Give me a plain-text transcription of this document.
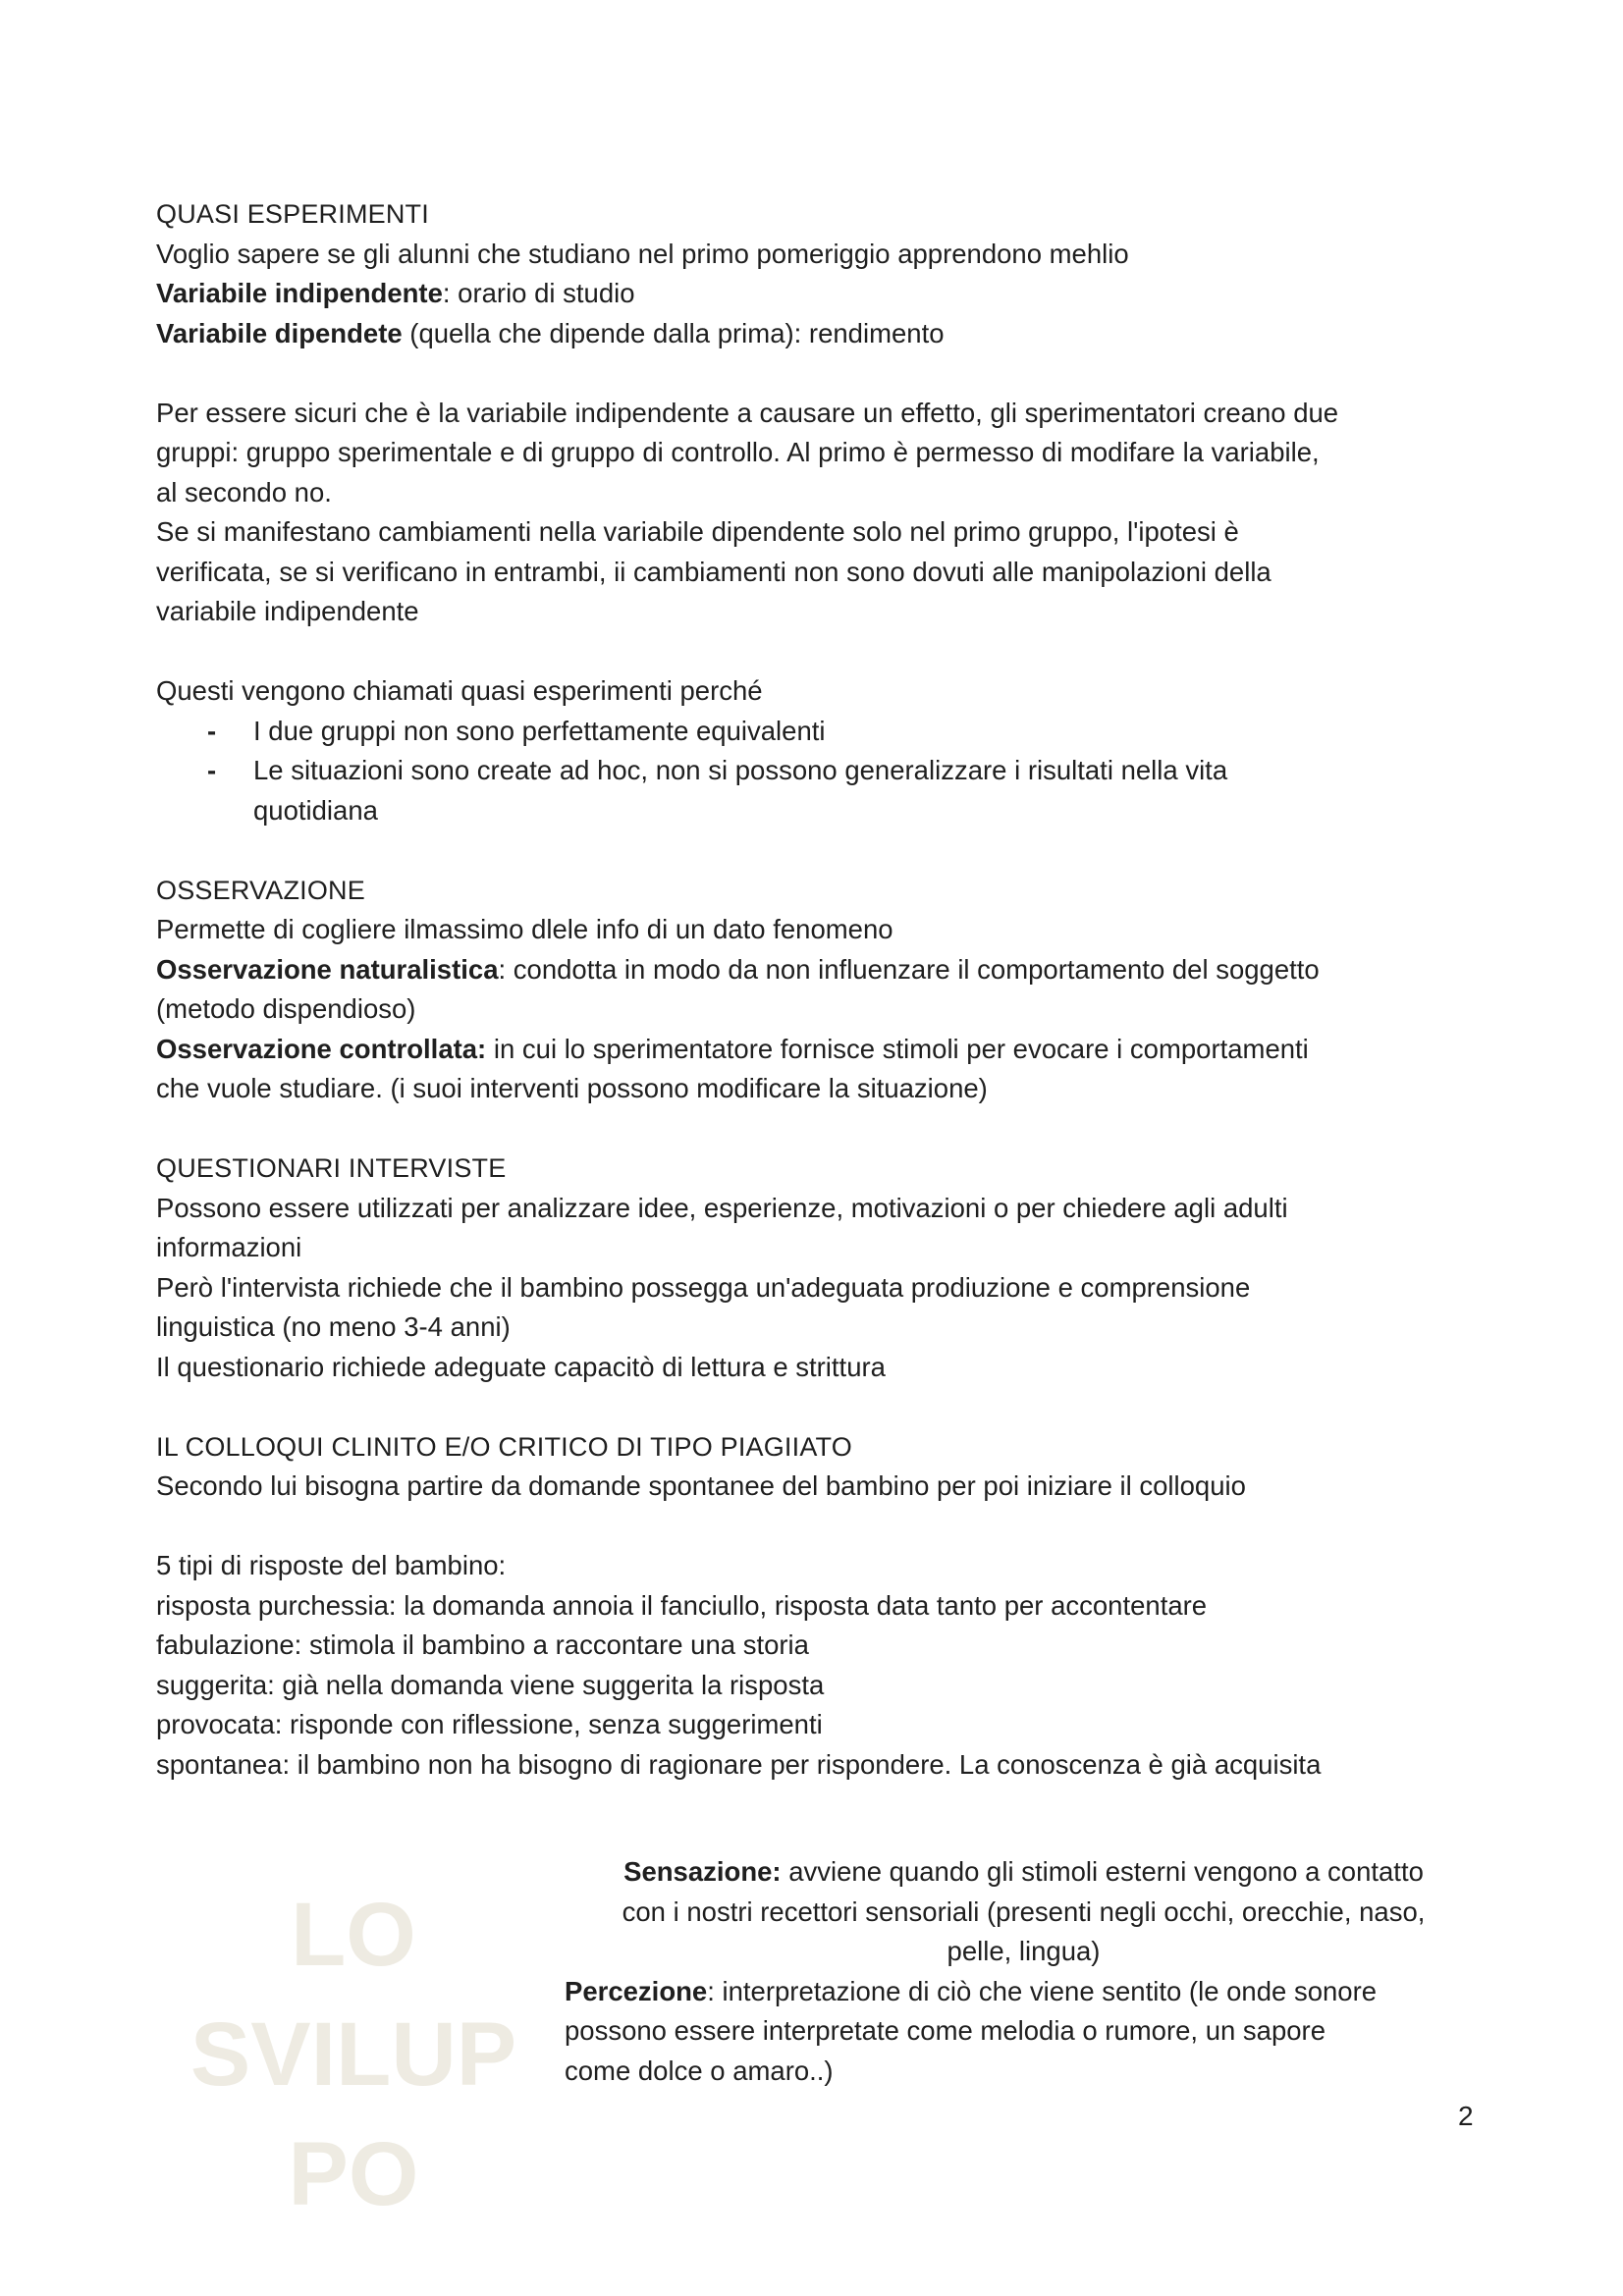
QUASI ESPERIMENTI
Voglio sapere se gli alunni che studiano nel primo pomeriggio apprendono mehlio
Variabile indipendente: orario di studio
Variabile dipendete (quella che dipende dalla prima): rendimento
Per essere sicuri che è la variabile indipendente a causare un effetto, gli sperimentatori creano due
gruppi: gruppo sperimentale e di gruppo di controllo. Al primo è permesso di modifare la variabile,
al secondo no.
Se si manifestano cambiamenti nella variabile dipendente solo nel primo gruppo, l'ipotesi è
verificata, se si verificano in entrambi, ii cambiamenti non sono dovuti alle manipolazioni della
variabile indipendente
Questi vengono chiamati quasi esperimenti perché
- I due gruppi non sono perfettamente equivalenti
- Le situazioni sono create ad hoc, non si possono generalizzare i risultati nella vita
quotidiana
OSSERVAZIONE
Permette di cogliere ilmassimo dlele info di un dato fenomeno
Osservazione naturalistica: condotta in modo da non influenzare il comportamento del soggetto
(metodo dispendioso)
Osservazione controllata: in cui lo sperimentatore fornisce stimoli per evocare i comportamenti
che vuole studiare. (i suoi interventi possono modificare la situazione)
QUESTIONARI INTERVISTE
Possono essere utilizzati per analizzare idee, esperienze, motivazioni o per chiedere agli adulti
informazioni
Però l'intervista richiede che il bambino possegga un'adeguata prodiuzione e comprensione
linguistica (no meno 3-4 anni)
Il questionario richiede adeguate capacitò di lettura e strittura
IL COLLOQUI CLINITO E/O CRITICO DI TIPO PIAGIIATO
Secondo lui bisogna partire da domande spontanee del bambino per poi iniziare il colloquio
5 tipi di risposte del bambino:
risposta purchessia: la domanda annoia il fanciullo, risposta data tanto per accontentare
fabulazione: stimola il bambino a raccontare una storia
suggerita: già nella domanda viene suggerita la risposta
provocata: risponde con riflessione, senza suggerimenti
spontanea: il bambino non ha bisogno di ragionare per rispondere. La conoscenza è già acquisita
LO
SVILUP
PO
Sensazione: avviene quando gli stimoli esterni vengono a contatto
con i nostri recettori sensoriali (presenti negli occhi, orecchie, naso,
pelle, lingua)
Percezione: interpretazione di ciò che viene sentito (le onde sonore
possono essere interpretate come melodia o rumore, un sapore
come dolce o amaro..)
2
